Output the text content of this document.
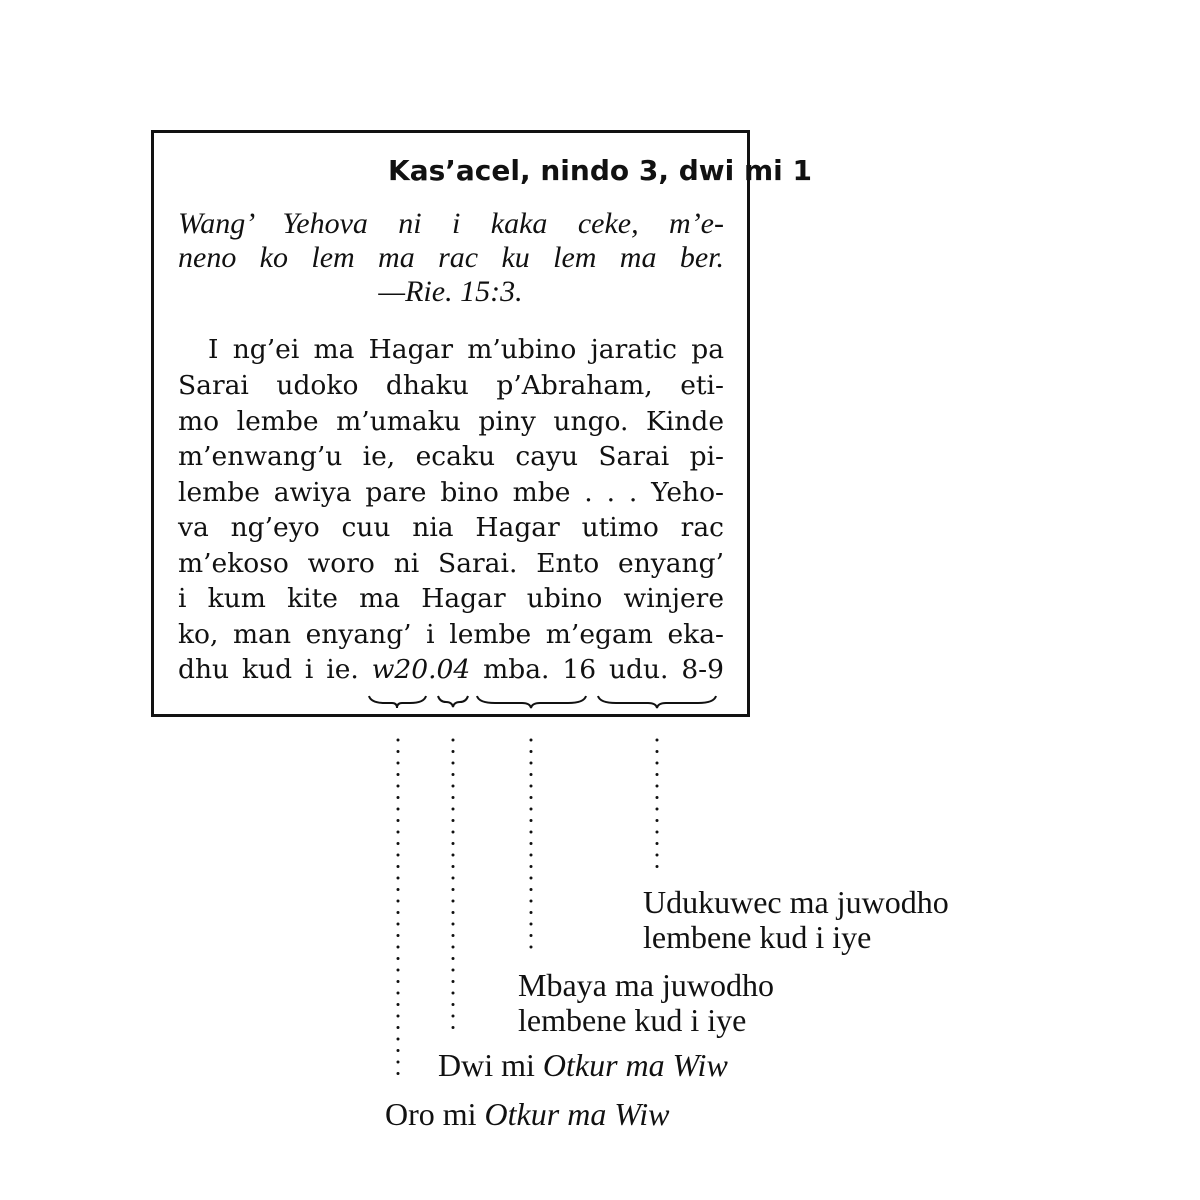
Kas’acel, nindo 3, dwi mi 1
Wang’ Yehova ni i kaka ceke, m’e-
neno ko lem ma rac ku lem ma ber.
—Rie. 15:3.
I ng’ei ma Hagar m’ubino jaratic pa
Sarai udoko dhaku p’Abraham, eti-
mo lembe m’umaku piny ungo. Kinde
m’enwang’u ie, ecaku cayu Sarai pi-
lembe awiya pare bino mbe . . . Yeho-
va ng’eyo cuu nia Hagar utimo rac
m’ekoso woro ni Sarai. Ento enyang’
i kum kite ma Hagar ubino winjere
ko, man enyang’ i lembe m’egam eka-
dhu kud i ie. w20.04 mba. 16 udu. 8-9
Udukuwec ma juwodho
lembene kud i iye
Mbaya ma juwodho
lembene kud i iye
Dwi mi Otkur ma Wiw
Oro mi Otkur ma Wiw
